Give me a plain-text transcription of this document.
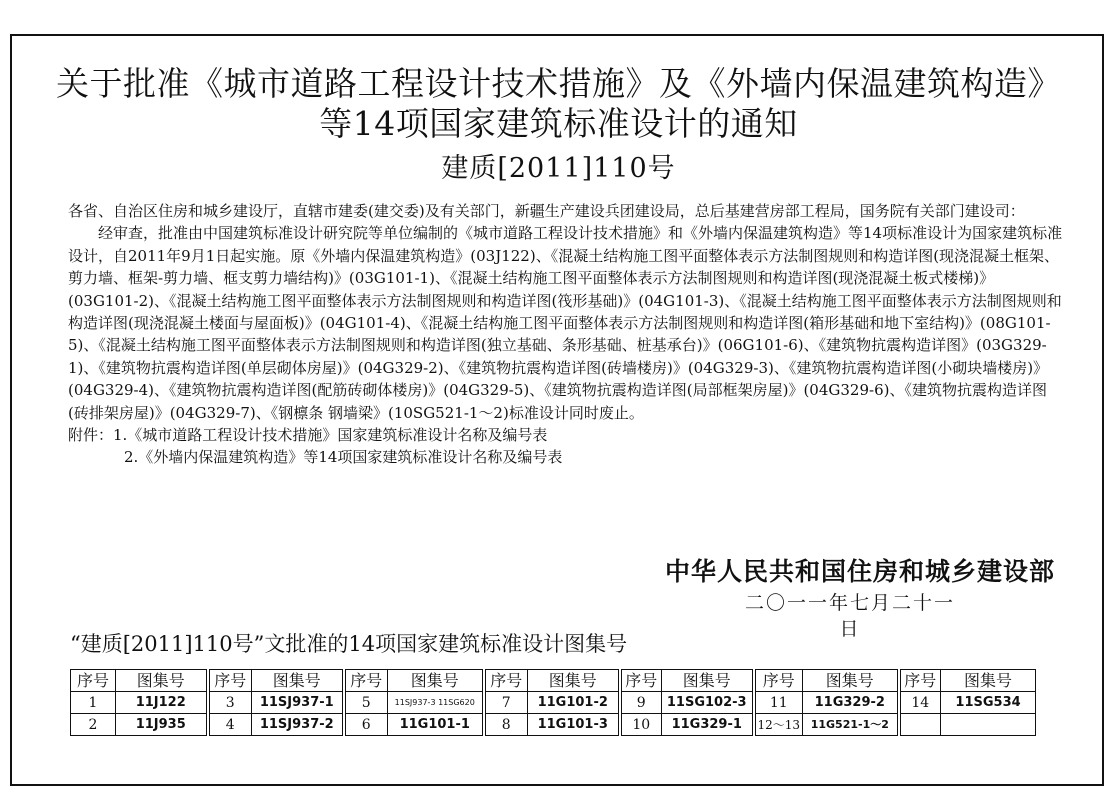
关于批准《城市道路工程设计技术措施》及《外墙内保温建筑构造》
等14项国家建筑标准设计的通知
建质[2011]110号

各省、自治区住房和城乡建设厅，直辖市建委(建交委)及有关部门，新疆生产建设兵团建设局，总后基建营房部工程局，国务院有关部门建设司：

经审查，批准由中国建筑标准设计研究院等单位编制的《城市道路工程设计技术措施》和《外墙内保温建筑构造》等14项标准设计为国家建筑标准设计，自2011年9月1日起实施。原《外墙内保温建筑构造》(03J122)、《混凝土结构施工图平面整体表示方法制图规则和构造详图(现浇混凝土框架、剪力墙、框架-剪力墙、框支剪力墙结构)》(03G101-1)、《混凝土结构施工图平面整体表示方法制图规则和构造详图(现浇混凝土板式楼梯)》(03G101-2)、《混凝土结构施工图平面整体表示方法制图规则和构造详图(筏形基础)》(04G101-3)、《混凝土结构施工图平面整体表示方法制图规则和构造详图(现浇混凝土楼面与屋面板)》(04G101-4)、《混凝土结构施工图平面整体表示方法制图规则和构造详图(箱形基础和地下室结构)》(08G101-5)、《混凝土结构施工图平面整体表示方法制图规则和构造详图(独立基础、条形基础、桩基承台)》(06G101-6)、《建筑物抗震构造详图》(03G329-1)、《建筑物抗震构造详图(单层砌体房屋)》(04G329-2)、《建筑物抗震构造详图(砖墙楼房)》(04G329-3)、《建筑物抗震构造详图(小砌块墙楼房)》(04G329-4)、《建筑物抗震构造详图(配筋砖砌体楼房)》(04G329-5)、《建筑物抗震构造详图(局部框架房屋)》(04G329-6)、《建筑物抗震构造详图(砖排架房屋)》(04G329-7)、《钢檩条 钢墙梁》(10SG521-1～2)标准设计同时废止。

附件：1.《城市道路工程设计技术措施》国家建筑标准设计名称及编号表

2.《外墙内保温建筑构造》等14项国家建筑标准设计名称及编号表

中华人民共和国住房和城乡建设部
二〇一一年七月二十一日
“建质[2011]110号”文批准的14项国家建筑标准设计图集号
序号	图集号	序号	图集号	序号	图集号	序号	图集号	序号	图集号	序号	图集号	序号	图集号
1	11J122	3	11SJ937-1	5	11SJ937-3 11SG620	7	11G101-2	9	11SG102-3	11	11G329-2	14	11SG534
2	11J935	4	11SJ937-2	6	11G101-1	8	11G101-3	10	11G329-1	12～13	11G521-1～2		
